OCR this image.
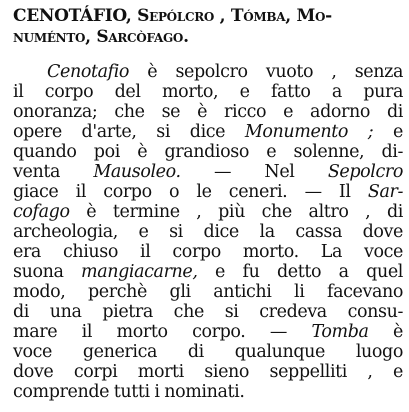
CENOTÁFIO, Sepólcro , Tómba, Mo-
numénto, Sarcòfago.
Cenotafio è sepolcro vuoto , senza
il corpo del morto, e fatto a pura
onoranza; che se è ricco e adorno di
opere d'arte, si dice Monumento ; e
quando poi è grandioso e solenne, di-
venta Mausoleo. — Nel Sepolcro
giace il corpo o le ceneri. — Il Sar-
cofago è termine , più che altro , di
archeologia, e si dice la cassa dove
era chiuso il corpo morto. La voce
suona mangiacarne, e fu detto a quel
modo, perchè gli antichi li facevano
di una pietra che si credeva consu-
mare il morto corpo. — Tomba è
voce generica di qualunque luogo
dove corpi morti sieno seppelliti , e
comprende tutti i nominati.
